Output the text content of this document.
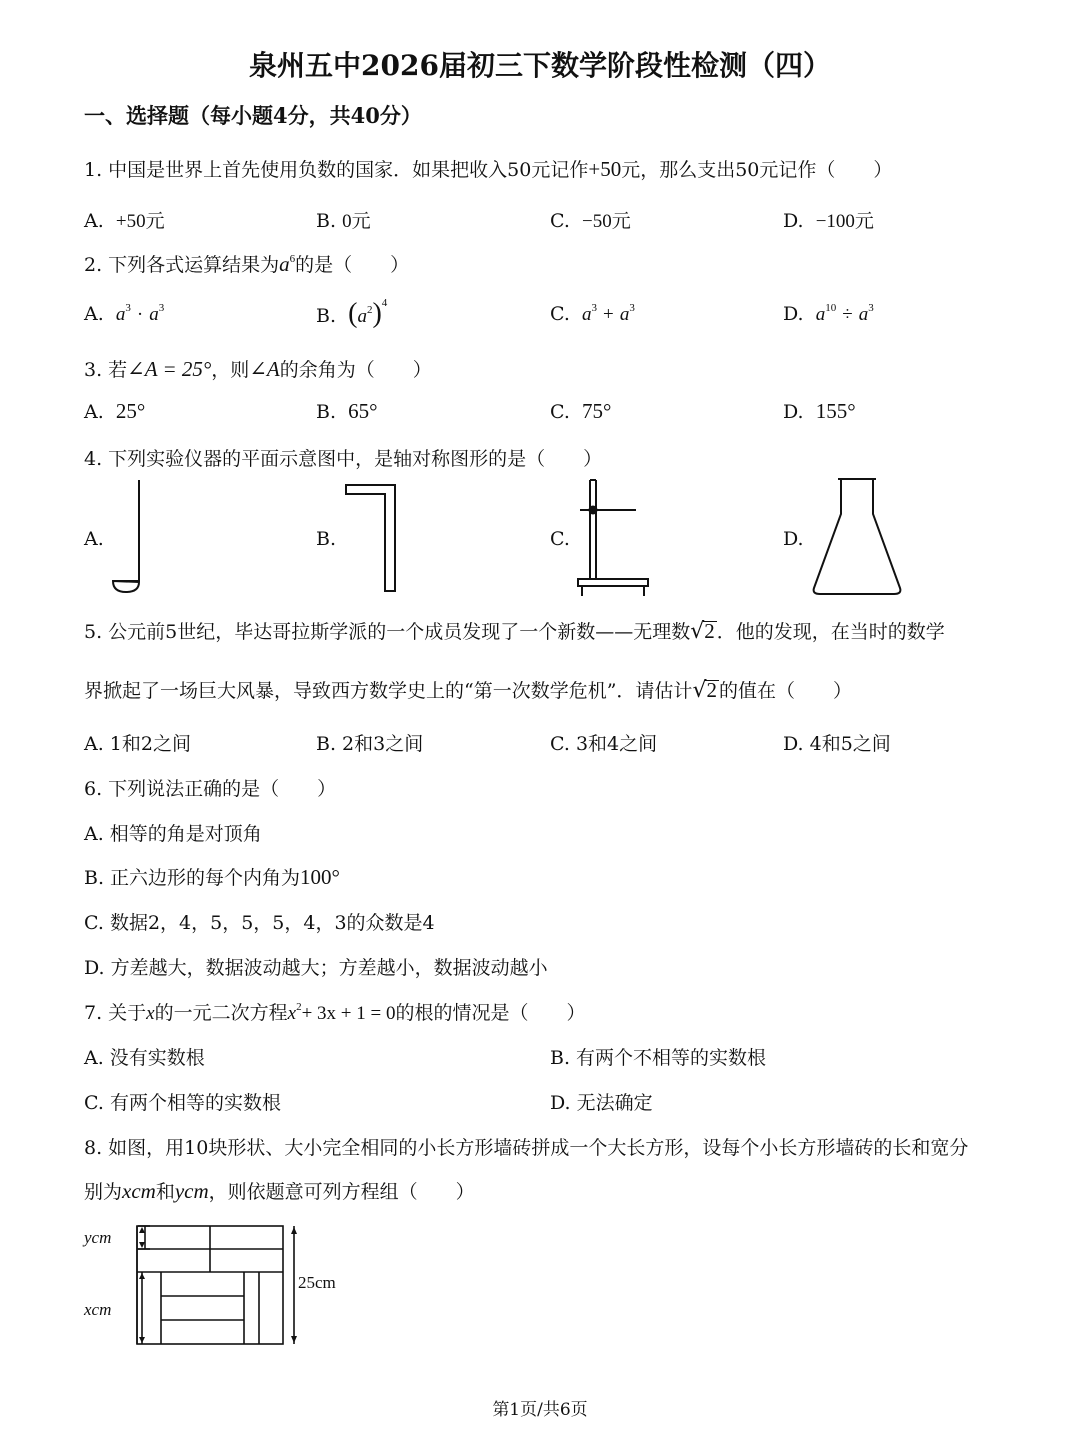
泉州五中2026届初三下数学阶段性检测（四）
一、选择题（每小题4分，共40分）
1. 中国是世界上首先使用负数的国家．如果把收入50元记作+50元，那么支出50元记作（　　）
A. +50元	B. 0元	C. −50元	D. −100元
2. 下列各式运算结果为$a^6$的是（　　）
A. $a^3 \cdot a^3$	B. $(a^2)^4$	C. $a^3 + a^3$	D. $a^{10} \div a^3$
3. 若∠A = 25°，则∠A的余角为（　　）
A. 25°	B. 65°	C. 75°	D. 155°
4. 下列实验仪器的平面示意图中，是轴对称图形的是（　　）
A.	B.	C.	D.
5. 公元前5世纪，毕达哥拉斯学派的一个成员发现了一个新数——无理数√2 ．他的发现，在当时的数学
界掀起了一场巨大风暴，导致西方数学史上的“第一次数学危机”．请估计√2 的值在（　　）
A. 1和2之间	B. 2和3之间	C. 3和4之间	D. 4和5之间
6. 下列说法正确的是（　　）
A. 相等的角是对顶角
B. 正六边形的每个内角为100°
C. 数据2，4，5，5，5，4，3的众数是4
D. 方差越大，数据波动越大；方差越小，数据波动越小
7. 关于x的一元二次方程$x^2+ 3x + 1 = 0$的根的情况是（　　）
A. 没有实数根	B. 有两个不相等的实数根
C. 有两个相等的实数根	D. 无法确定
8. 如图，用10块形状、大小完全相同的小长方形墙砖拼成一个大长方形，设每个小长方形墙砖的长和宽分
别为xcm和ycm，则依题意可列方程组（　　）
ycm
xcm
25cm
第1页/共6页
